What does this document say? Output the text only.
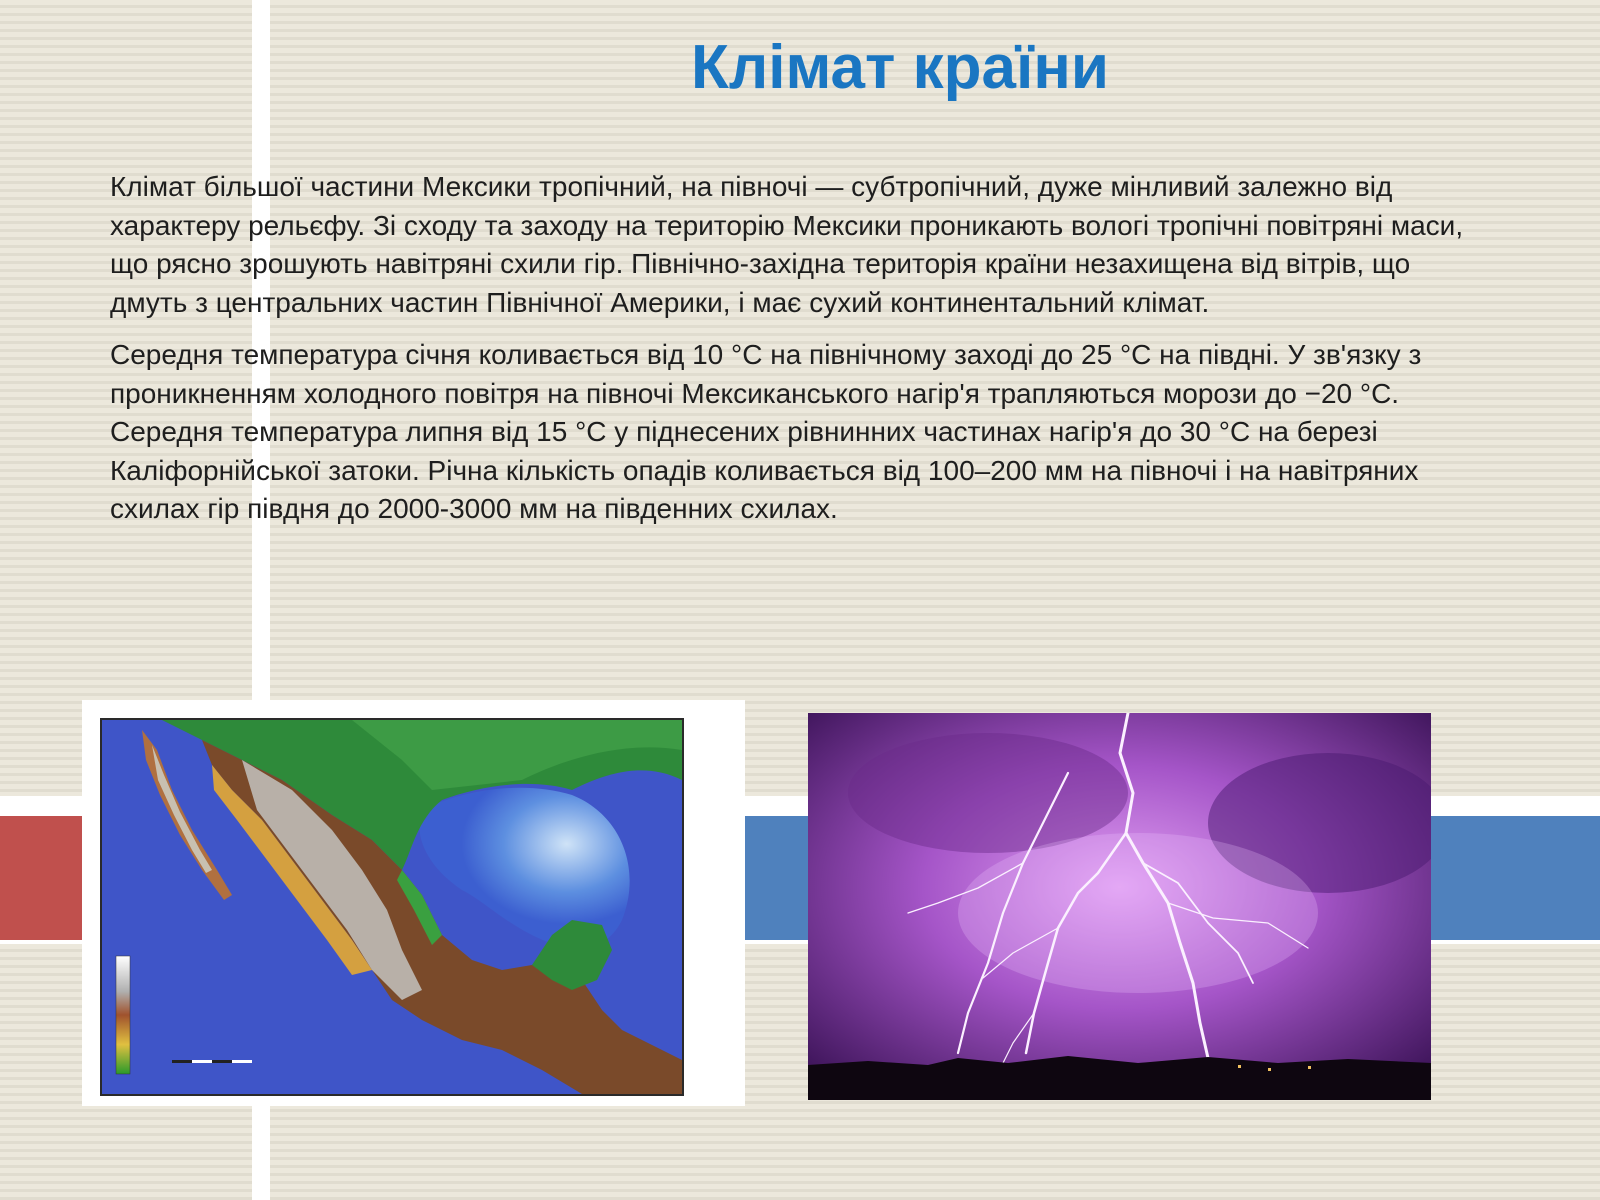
Клімат країни

Клімат більшої частини Мексики тропічний, на півночі — субтропічний, дуже мінливий залежно від характеру рельєфу. Зі сходу та заходу на територію Мексики проникають вологі тропічні повітряні маси, що рясно зрошують навітряні схили гір. Північно-західна територія країни незахищена від вітрів, що дмуть з центральних частин Північної Америки, і має сухий континентальний клімат.

Середня температура січня коливається від 10 °C на північному заході до 25 °C на півдні. У зв'язку з проникненням холодного повітря на півночі Мексиканського нагір'я трапляються морози до −20 °C. Середня температура липня від 15 °C у піднесених рівнинних частинах нагір'я до 30 °C на березі Каліфорнійської затоки. Річна кількість опадів коливається від 100–200 мм на півночі і на навітряних схилах гір півдня до 2000-3000 мм на південних схилах.
